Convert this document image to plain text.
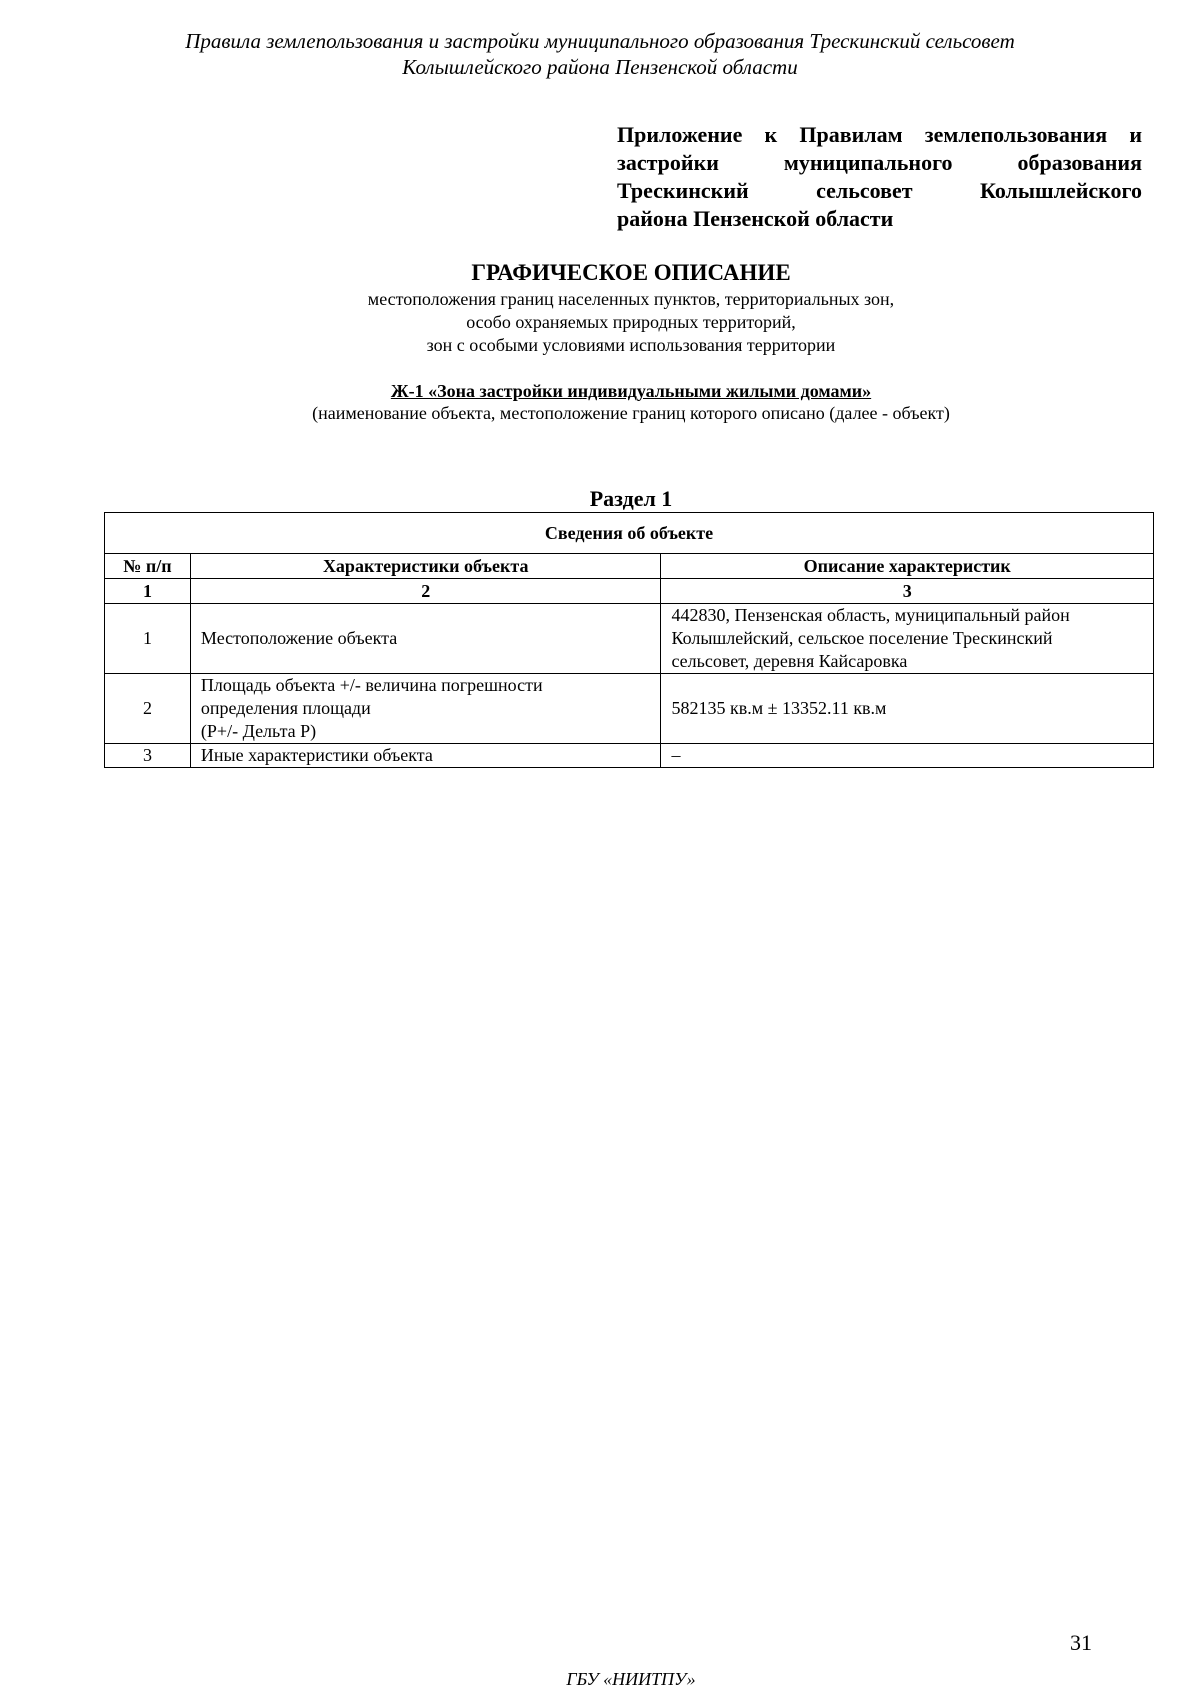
Правила землепользования и застройки муниципального образования Трескинский сельсовет
Колышлейского района Пензенской области
Приложение к Правилам землепользования и
застройки муниципального образования
Трескинский сельсовет Колышлейского
района Пензенской области
ГРАФИЧЕСКОЕ ОПИСАНИЕ
местоположения границ населенных пунктов, территориальных зон,
особо охраняемых природных территорий,
зон с особыми условиями использования территории
Ж-1 «Зона застройки индивидуальными жилыми домами»
(наименование объекта, местоположение границ которого описано (далее - объект)
Раздел 1
Сведения об объекте		
№ п/п	Характеристики объекта	Описание характеристик
1	2	3
1	Местоположение объекта	442830, Пензенская область, муниципальный район
Колышлейский, сельское поселение Трескинский
сельсовет, деревня Кайсаровка

2	Площадь объекта +/- величина погрешности
определения площади
(P+/- Дельта P)	582135 кв.м ± 13352.11 кв.м

3	Иные характеристики объекта	–
31
ГБУ «НИИТПУ»
